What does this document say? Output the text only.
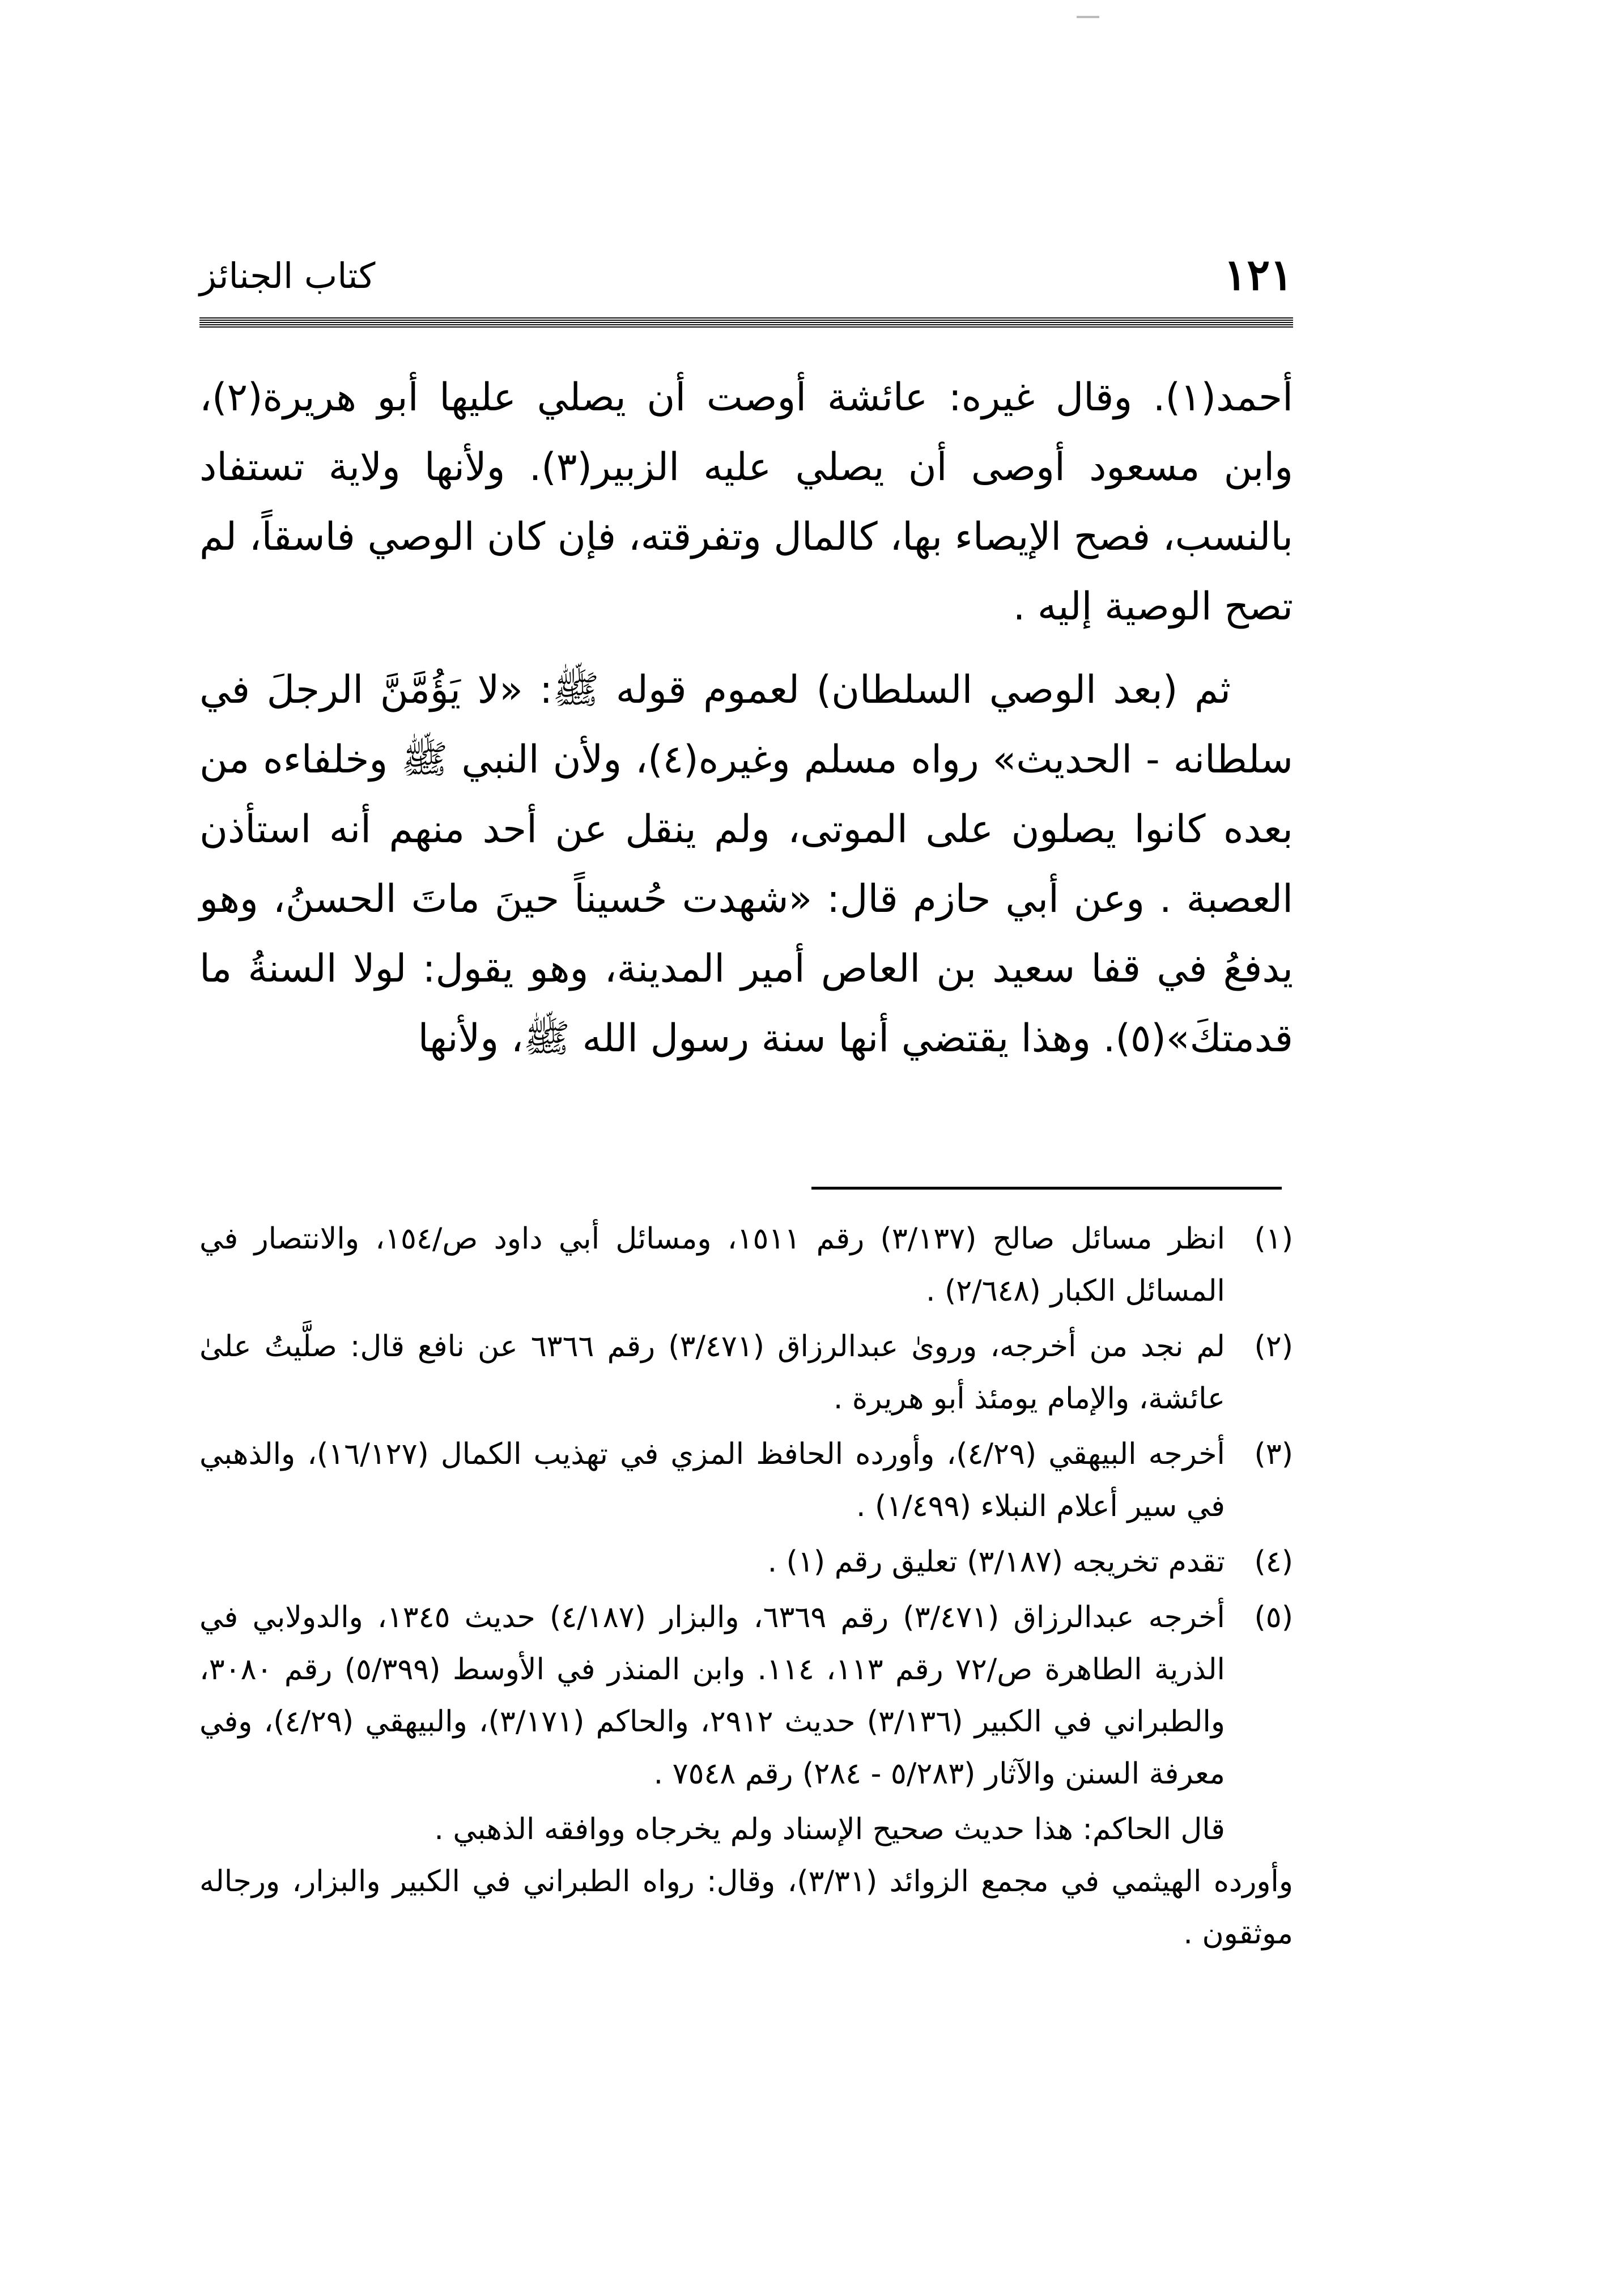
١٢١
كتاب الجنائز

أحمد(١). وقال غيره: عائشة أوصت أن يصلي عليها أبو هريرة(٢)، وابن مسعود أوصى أن يصلي عليه الزبير(٣). ولأنها ولاية تستفاد بالنسب، فصح الإيصاء بها، كالمال وتفرقته، فإن كان الوصي فاسقاً، لم تصح الوصية إليه .

ثم (بعد الوصي السلطان) لعموم قوله ﷺ: «لا يَؤُمَّنَّ الرجلَ في سلطانه - الحديث» رواه مسلم وغيره(٤)، ولأن النبي ﷺ وخلفاءه من بعده كانوا يصلون على الموتى، ولم ينقل عن أحد منهم أنه استأذن العصبة . وعن أبي حازم قال: «شهدت حُسيناً حينَ ماتَ الحسنُ، وهو يدفعُ في قفا سعيد بن العاص أمير المدينة، وهو يقول: لولا السنةُ ما قدمتكَ»(٥). وهذا يقتضي أنها سنة رسول الله ﷺ، ولأنها

(١)
انظر مسائل صالح (٣/١٣٧) رقم ١٥١١، ومسائل أبي داود ص/١٥٤، والانتصار في المسائل الكبار (٢/٦٤٨) .
(٢)
لم نجد من أخرجه، وروىٰ عبدالرزاق (٣/٤٧١) رقم ٦٣٦٦ عن نافع قال: صلَّيتُ علىٰ عائشة، والإمام يومئذ أبو هريرة .
(٣)
أخرجه البيهقي (٤/٢٩)، وأورده الحافظ المزي في تهذيب الكمال (١٦/١٢٧)، والذهبي في سير أعلام النبلاء (١/٤٩٩) .
(٤)
تقدم تخريجه (٣/١٨٧) تعليق رقم (١) .
(٥)
أخرجه عبدالرزاق (٣/٤٧١) رقم ٦٣٦٩، والبزار (٤/١٨٧) حديث ١٣٤٥، والدولابي في الذرية الطاهرة ص/٧٢ رقم ١١٣، ١١٤. وابن المنذر في الأوسط (٥/٣٩٩) رقم ٣٠٨٠، والطبراني في الكبير (٣/١٣٦) حديث ٢٩١٢، والحاكم (٣/١٧١)، والبيهقي (٤/٢٩)، وفي معرفة السنن والآثار (٥/٢٨٣ - ٢٨٤) رقم ٧٥٤٨ .

قال الحاكم: هذا حديث صحيح الإسناد ولم يخرجاه ووافقه الذهبي .

وأورده الهيثمي في مجمع الزوائد (٣/٣١)، وقال: رواه الطبراني في الكبير والبزار، ورجاله موثقون .
